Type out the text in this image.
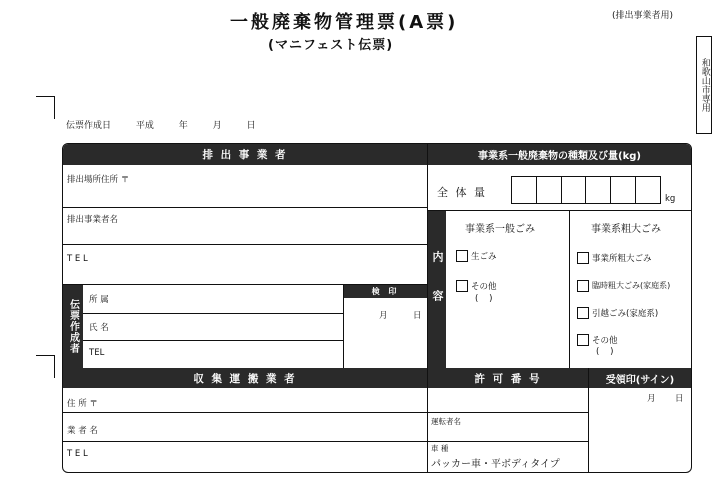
一般廃棄物管理票(A票)
(マニフェスト伝票)
(排出事業者用)
和歌山市専用
伝票作成日	平成	年	月	日
排 出 事 業 者	事業系一般廃棄物の種類及び量(kg)
排出場所住所 〒
排出事業者名
T E L
伝票作成者	所 属
氏 名
TEL
検 印
月	日
全 体 量	kg
内容
事業系一般ごみ
生ごみ
その他
(    )
事業系粗大ごみ
事業所粗大ごみ
臨時粗大ごみ(家庭系)
引越ごみ(家庭系)
その他
(    )
収 集 運 搬 業 者	許 可 番 号	受領印(サイン)
住 所 〒
業 者 名
運転者名
T E L
車 種
パッカー車・平ボディタイプ
月 日
